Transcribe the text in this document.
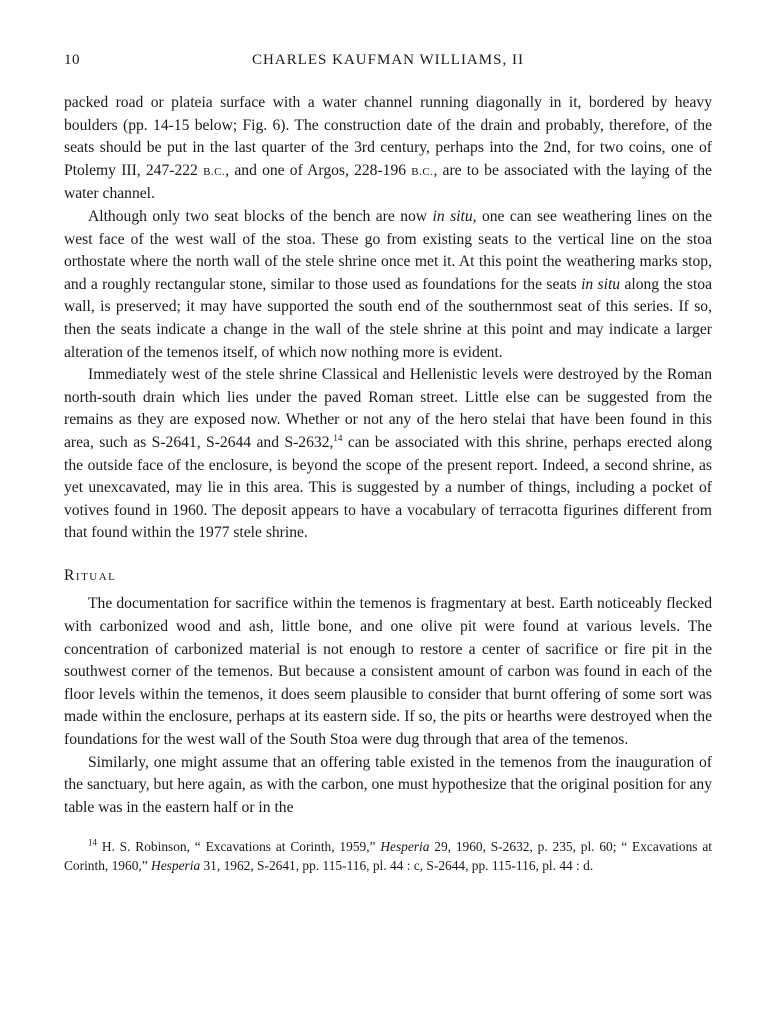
10	CHARLES KAUFMAN WILLIAMS, II

packed road or plateia surface with a water channel running diagonally in it, bordered by heavy boulders (pp. 14-15 below; Fig. 6). The construction date of the drain and probably, therefore, of the seats should be put in the last quarter of the 3rd century, perhaps into the 2nd, for two coins, one of Ptolemy III, 247-222 B.C., and one of Argos, 228-196 B.C., are to be associated with the laying of the water channel.

Although only two seat blocks of the bench are now in situ, one can see weathering lines on the west face of the west wall of the stoa. These go from existing seats to the vertical line on the stoa orthostate where the north wall of the stele shrine once met it. At this point the weathering marks stop, and a roughly rectangular stone, similar to those used as foundations for the seats in situ along the stoa wall, is preserved; it may have supported the south end of the southernmost seat of this series. If so, then the seats indicate a change in the wall of the stele shrine at this point and may indicate a larger alteration of the temenos itself, of which now nothing more is evident.

Immediately west of the stele shrine Classical and Hellenistic levels were destroyed by the Roman north-south drain which lies under the paved Roman street. Little else can be suggested from the remains as they are exposed now. Whether or not any of the hero stelai that have been found in this area, such as S-2641, S-2644 and S-2632,14 can be associated with this shrine, perhaps erected along the outside face of the enclosure, is beyond the scope of the present report. Indeed, a second shrine, as yet unexcavated, may lie in this area. This is suggested by a number of things, including a pocket of votives found in 1960. The deposit appears to have a vocabulary of terracotta figurines different from that found within the 1977 stele shrine.

Ritual

The documentation for sacrifice within the temenos is fragmentary at best. Earth noticeably flecked with carbonized wood and ash, little bone, and one olive pit were found at various levels. The concentration of carbonized material is not enough to restore a center of sacrifice or fire pit in the southwest corner of the temenos. But because a consistent amount of carbon was found in each of the floor levels within the temenos, it does seem plausible to consider that burnt offering of some sort was made within the enclosure, perhaps at its eastern side. If so, the pits or hearths were destroyed when the foundations for the west wall of the South Stoa were dug through that area of the temenos.

Similarly, one might assume that an offering table existed in the temenos from the inauguration of the sanctuary, but here again, as with the carbon, one must hypothesize that the original position for any table was in the eastern half or in the

$^{14}$ H. S. Robinson, “ Excavations at Corinth, 1959,” Hesperia 29, 1960, S-2632, p. 235, pl. 60; “ Excavations at Corinth, 1960,” Hesperia 31, 1962, S-2641, pp. 115-116, pl. 44 : c, S-2644, pp. 115-116, pl. 44 : d.
